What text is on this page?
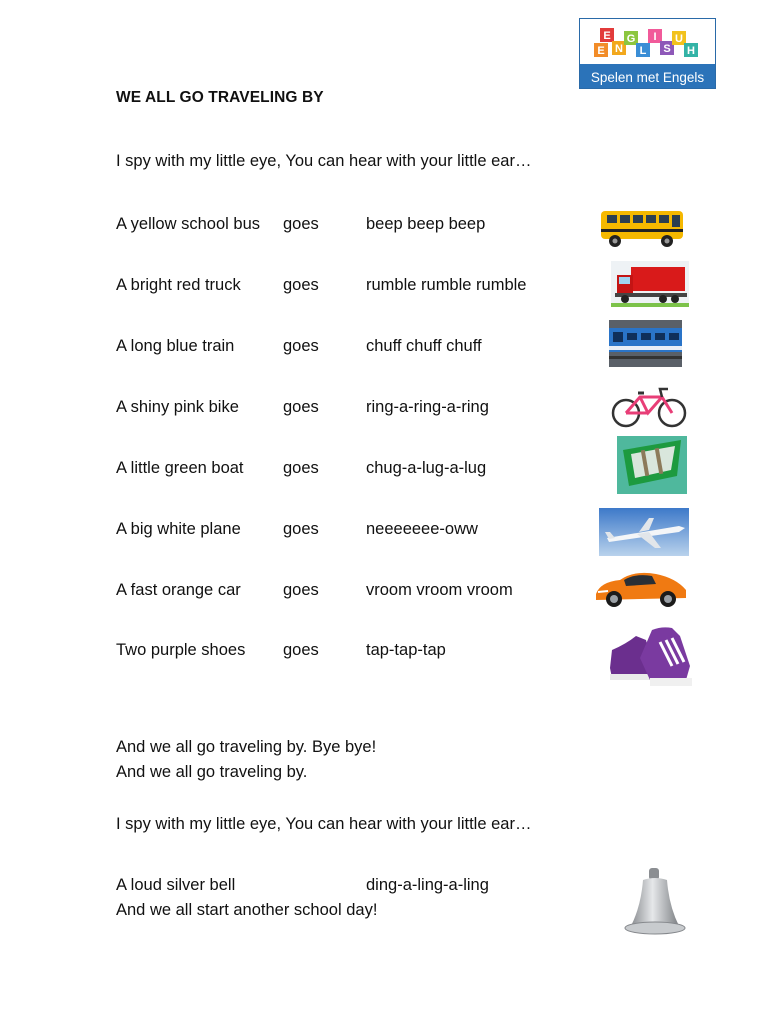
E
E N
G
L
I
S
U
H
Spelen met Engels
WE ALL GO TRAVELING BY
I spy with my little eye, You can hear with your little ear…
A yellow school bus goes	beep beep beep
A bright red truck	goes	rumble rumble rumble
A long blue train	goes	chuff chuff chuff
A shiny pink bike	goes	ring-a-ring-a-ring
A little green boat goes	chug-a-lug-a-lug
A big white plane	goes	neeeeeee-oww
A fast orange car	goes	vroom vroom vroom
Two purple shoes goes	tap-tap-tap
And we all go traveling by. Bye bye!
And we all go traveling by.
I spy with my little eye, You can hear with your little ear…
A loud silver bell	ding-a-ling-a-ling
And we all start another school day!
